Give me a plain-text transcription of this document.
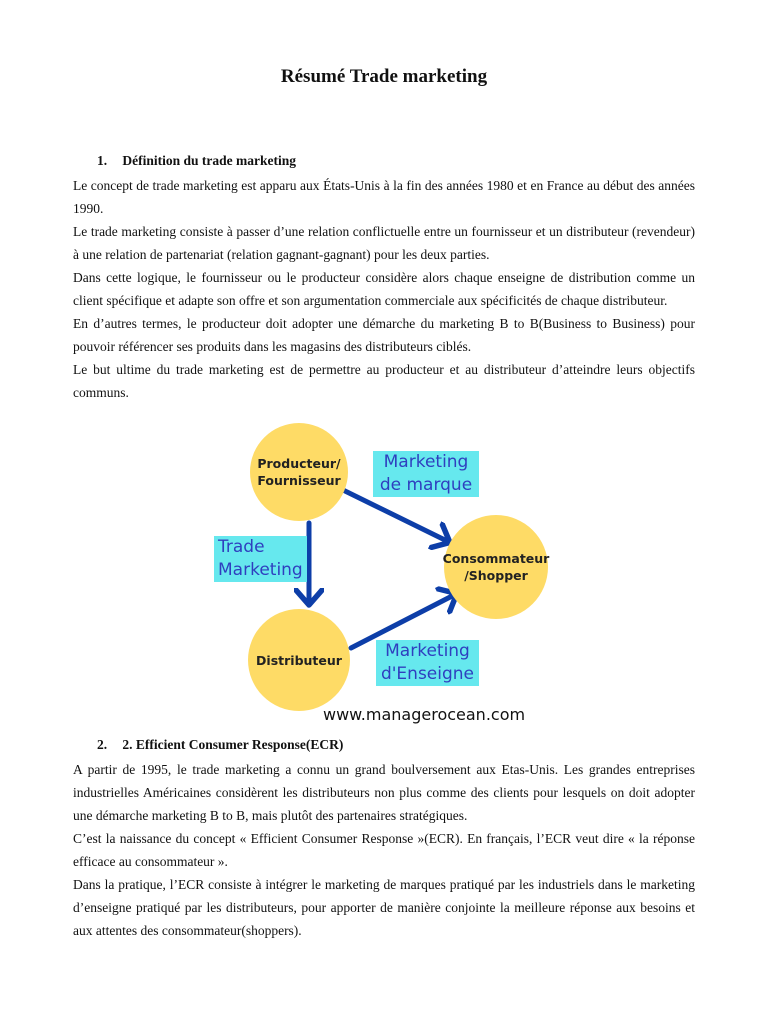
Résumé Trade marketing
1. Définition du trade marketing

Le concept de trade marketing est apparu aux États-Unis à la fin des années 1980 et en France au début des années 1990.

Le trade marketing consiste à passer d’une relation conflictuelle entre un fournisseur et un distributeur (revendeur) à une relation de partenariat (relation gagnant-gagnant) pour les deux parties.

Dans cette logique, le fournisseur ou le producteur considère alors chaque enseigne de distribution comme un client spécifique et adapte son offre et son argumentation commerciale aux spécificités de chaque distributeur.

En d’autres termes, le producteur doit adopter une démarche du marketing B to B(Business to Business) pour pouvoir référencer ses produits dans les magasins des distributeurs ciblés.

Le but ultime du trade marketing est de permettre au producteur et au distributeur d’atteindre leurs objectifs communs.

Producteur/
Fournisseur
Consommateur
/Shopper
Distributeur
Marketing
de marque
Trade
Marketing
Marketing
d'Enseigne
www.managerocean.com
2. 2. Efficient Consumer Response(ECR)

A partir de 1995, le trade marketing a connu un grand boulversement aux Etas-Unis. Les grandes entreprises industrielles Américaines considèrent les distributeurs non plus comme des clients pour lesquels on doit adopter une démarche marketing B to B, mais plutôt des partenaires stratégiques.

C’est la naissance du concept « Efficient Consumer Response »(ECR). En français, l’ECR veut dire « la réponse efficace au consommateur ».

Dans la pratique, l’ECR consiste à intégrer le marketing de marques pratiqué par les industriels dans le marketing d’enseigne pratiqué par les distributeurs, pour apporter de manière conjointe la meilleure réponse aux besoins et aux attentes des consommateur(shoppers).
